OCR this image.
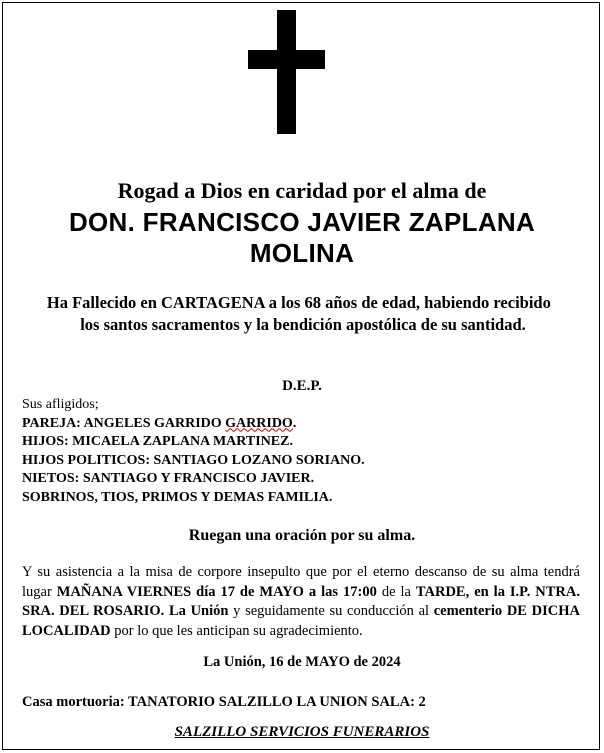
Rogad a Dios en caridad por el alma de
DON. FRANCISCO JAVIER ZAPLANA
MOLINA
Ha Fallecido en CARTAGENA a los 68 años de edad, habiendo recibido   los santos sacramentos y la bendición apostólica de su santidad.
D.E.P.
Sus afligidos;
PAREJA: ANGELES GARRIDO GARRIDO.
HIJOS: MICAELA ZAPLANA MARTINEZ.
HIJOS POLITICOS: SANTIAGO LOZANO SORIANO.
NIETOS: SANTIAGO Y FRANCISCO JAVIER.
SOBRINOS, TIOS, PRIMOS Y DEMAS FAMILIA.
Ruegan una oración por su alma.
Y su asistencia a la misa de corpore insepulto que por el eterno descanso de su alma tendrá lugar MAÑANA VIERNES día 17 de MAYO a las 17:00 de la TARDE, en la I.P. NTRA. SRA. DEL ROSARIO. La Unión y seguidamente su conducción al cementerio DE DICHA LOCALIDAD por lo que les anticipan su agradecimiento.
La Unión, 16 de MAYO de 2024
Casa mortuoria: TANATORIO SALZILLO LA UNION SALA: 2
SALZILLO SERVICIOS FUNERARIOS
